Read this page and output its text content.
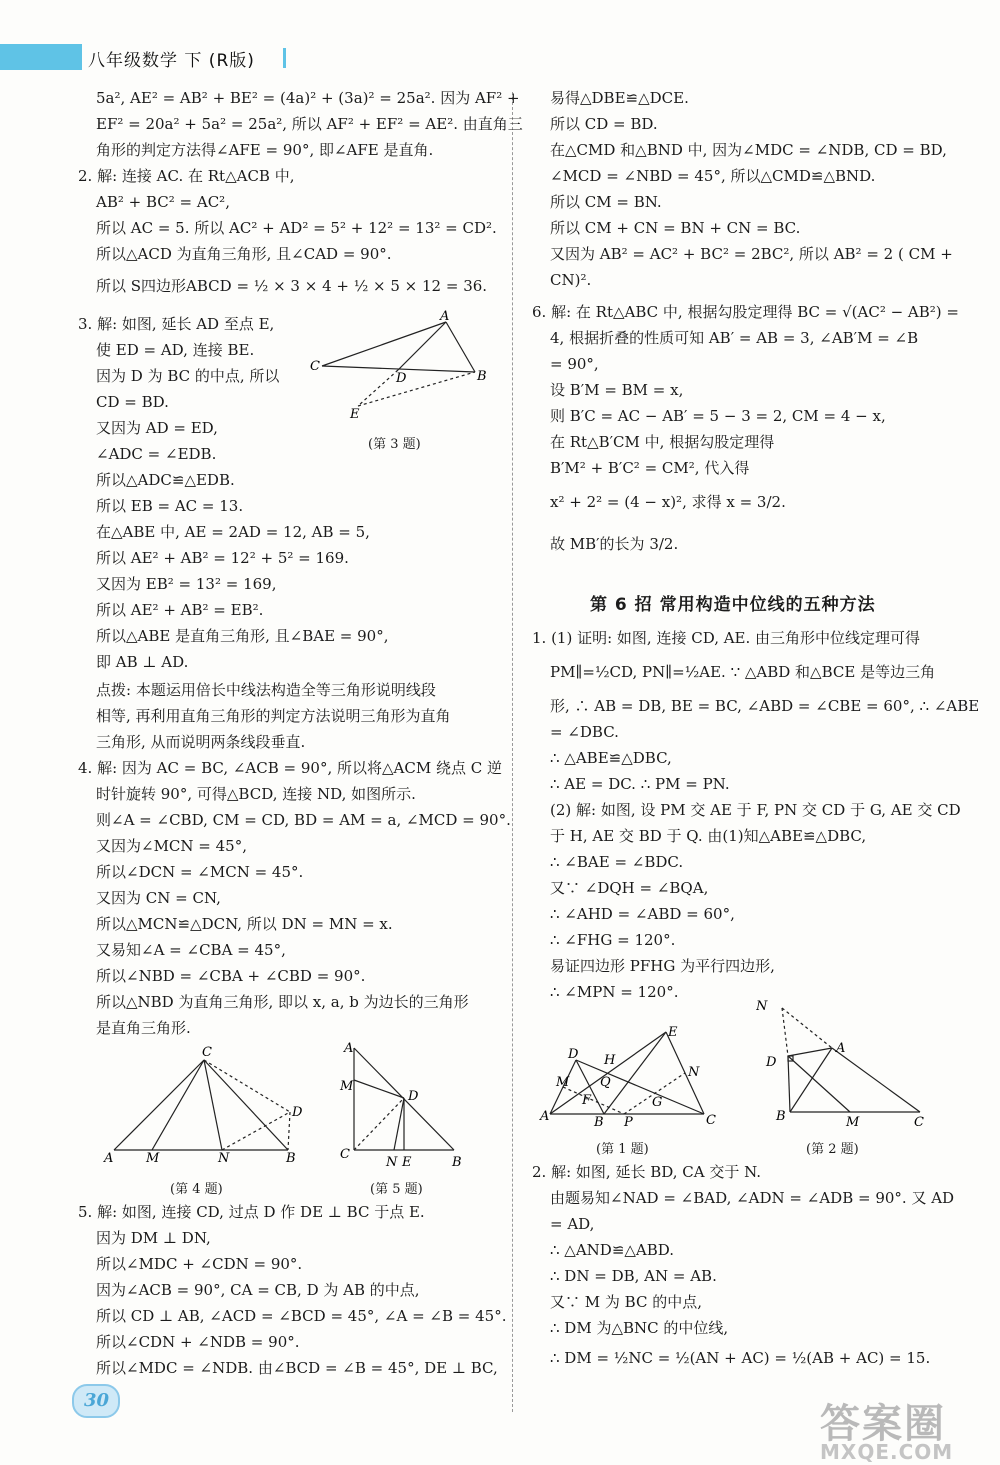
八年级数学 下 (R版)
5a², AE² = AB² + BE² = (4a)² + (3a)² = 25a². 因为 AF² +
EF² = 20a² + 5a² = 25a², 所以 AF² + EF² = AE². 由直角三
角形的判定方法得∠AFE = 90°, 即∠AFE 是直角.
2. 解: 连接 AC. 在 Rt△ACB 中,
AB² + BC² = AC²,
所以 AC = 5. 所以 AC² + AD² = 5² + 12² = 13² = CD².
所以△ACD 为直角三角形, 且∠CAD = 90°.
所以 S四边形ABCD = ½ × 3 × 4 + ½ × 5 × 12 = 36.
3. 解: 如图, 延长 AD 至点 E,
使 ED = AD, 连接 BE.
因为 D 为 BC 的中点, 所以
CD = BD.
又因为 AD = ED,
∠ADC = ∠EDB.
所以△ADC≌△EDB.
所以 EB = AC = 13.
在△ABE 中, AE = 2AD = 12, AB = 5,
所以 AE² + AB² = 12² + 5² = 169.
又因为 EB² = 13² = 169,
所以 AE² + AB² = EB².
所以△ABE 是直角三角形, 且∠BAE = 90°,
即 AB ⊥ AD.
点拨: 本题运用倍长中线法构造全等三角形说明线段
相等, 再利用直角三角形的判定方法说明三角形为直角
三角形, 从而说明两条线段垂直.
4. 解: 因为 AC = BC, ∠ACB = 90°, 所以将△ACM 绕点 C 逆
时针旋转 90°, 可得△BCD, 连接 ND, 如图所示.
则∠A = ∠CBD, CM = CD, BD = AM = a, ∠MCD = 90°.
又因为∠MCN = 45°,
所以∠DCN = ∠MCN = 45°.
又因为 CN = CN,
所以△MCN≌△DCN, 所以 DN = MN = x.
又易知∠A = ∠CBA = 45°,
所以∠NBD = ∠CBA + ∠CBD = 90°.
所以△NBD 为直角三角形, 即以 x, a, b 为边长的三角形
是直角三角形.
5. 解: 如图, 连接 CD, 过点 D 作 DE ⊥ BC 于点 E.
因为 DM ⊥ DN,
所以∠MDC + ∠CDN = 90°.
因为∠ACB = 90°, CA = CB, D 为 AB 的中点,
所以 CD ⊥ AB, ∠ACD = ∠BCD = 45°, ∠A = ∠B = 45°.
所以∠CDN + ∠NDB = 90°.
所以∠MDC = ∠NDB. 由∠BCD = ∠B = 45°, DE ⊥ BC,
A
C
D	B
E
(第 3 题)
C
A	M	N	B
D
(第 4 题)
A
M
D
C
N E	B
(第 5 题)
易得△DBE≌△DCE.
所以 CD = BD.
在△CMD 和△BND 中, 因为∠MDC = ∠NDB, CD = BD,
∠MCD = ∠NBD = 45°, 所以△CMD≌△BND.
所以 CM = BN.
所以 CM + CN = BN + CN = BC.
又因为 AB² = AC² + BC² = 2BC², 所以 AB² = 2 ( CM +
CN)².
6. 解: 在 Rt△ABC 中, 根据勾股定理得 BC = √(AC² − AB²) =
4, 根据折叠的性质可知 AB′ = AB = 3, ∠AB′M = ∠B
= 90°,
设 B′M = BM = x,
则 B′C = AC − AB′ = 5 − 3 = 2, CM = 4 − x,
在 Rt△B′CM 中, 根据勾股定理得
B′M² + B′C² = CM², 代入得
x² + 2² = (4 − x)², 求得 x = 3/2.
故 MB′的长为 3/2.
1. (1) 证明: 如图, 连接 CD, AE. 由三角形中位线定理可得
PM∥=½CD, PN∥=½AE. ∵ △ABD 和△BCE 是等边三角
形, ∴ AB = DB, BE = BC, ∠ABD = ∠CBE = 60°, ∴ ∠ABE
= ∠DBC.
∴ △ABE≌△DBC,
∴ AE = DC. ∴ PM = PN.
(2) 解: 如图, 设 PM 交 AE 于 F, PN 交 CD 于 G, AE 交 CD
于 H, AE 交 BD 于 Q. 由(1)知△ABE≌△DBC,
∴ ∠BAE = ∠BDC.
又∵ ∠DQH = ∠BQA,
∴ ∠AHD = ∠ABD = 60°,
∴ ∠FHG = 120°.
易证四边形 PFHG 为平行四边形,
∴ ∠MPN = 120°.
2. 解: 如图, 延长 BD, CA 交于 N.
由题易知∠NAD = ∠BAD, ∠ADN = ∠ADB = 90°. 又 AD
= AD,
∴ △AND≌△ABD.
∴ DN = DB, AN = AB.
又∵ M 为 BC 的中点,
∴ DM 为△BNC 的中位线,
∴ DM = ½NC = ½(AN + AC) = ½(AB + AC) = 15.
第 6 招 常用构造中位线的五种方法
A
D
M
H
Q
F
B P
G
N
E
C
(第 1 题)
N
A
D
B	M	C
(第 2 题)
30
答案圈
MXQE.COM
